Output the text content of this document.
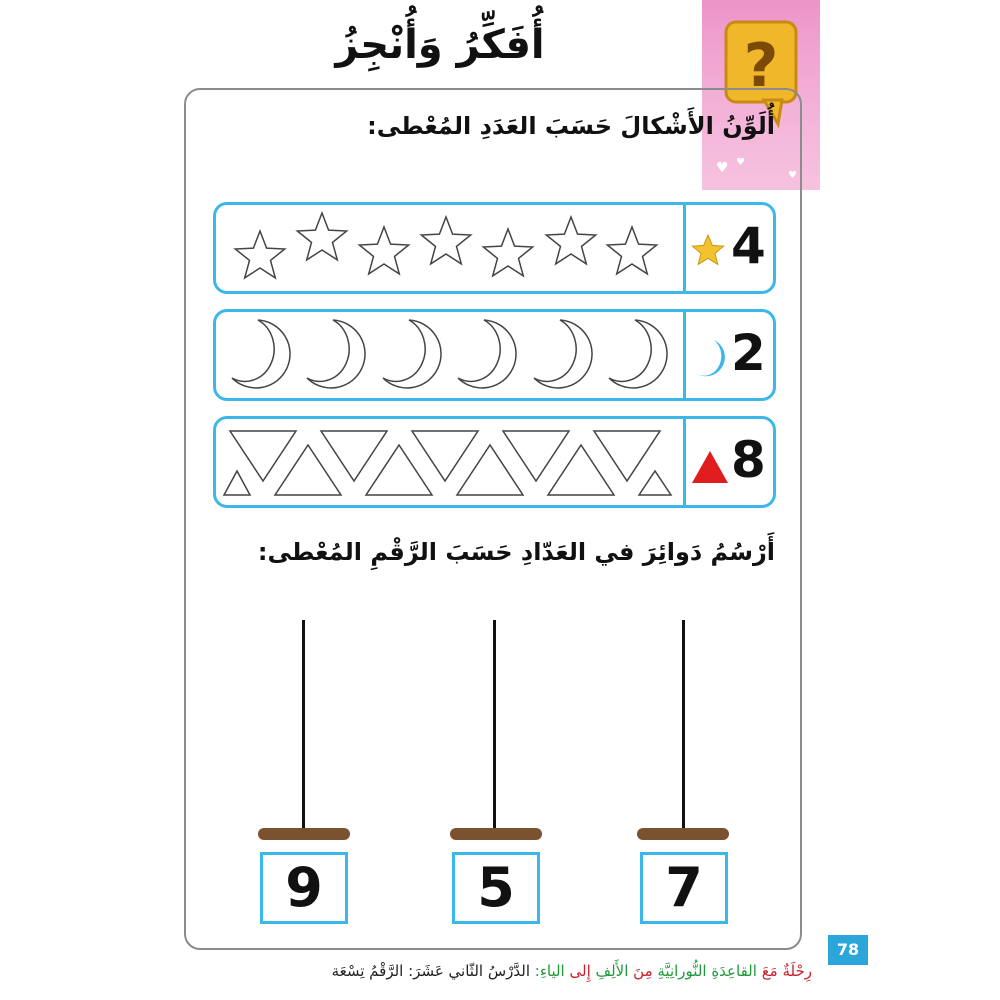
أُفَكِّرُ وَأُنْجِزُ	?
♥ ♥
♥
أُلَوِّنُ الأَشْكالَ حَسَبَ العَدَدِ المُعْطى:
4
2
8
أَرْسُمُ دَوائِرَ في العَدّادِ حَسَبَ الرَّقْمِ المُعْطى:
9	5	7
78
رِحْلَةٌ مَعَ القاعِدَةِ النُّورانِيَّةِ مِنَ الأَلِفِ إِلى الياءِ: الدَّرْسُ الثّاني عَشَرَ: الرَّقْمُ تِسْعَة
